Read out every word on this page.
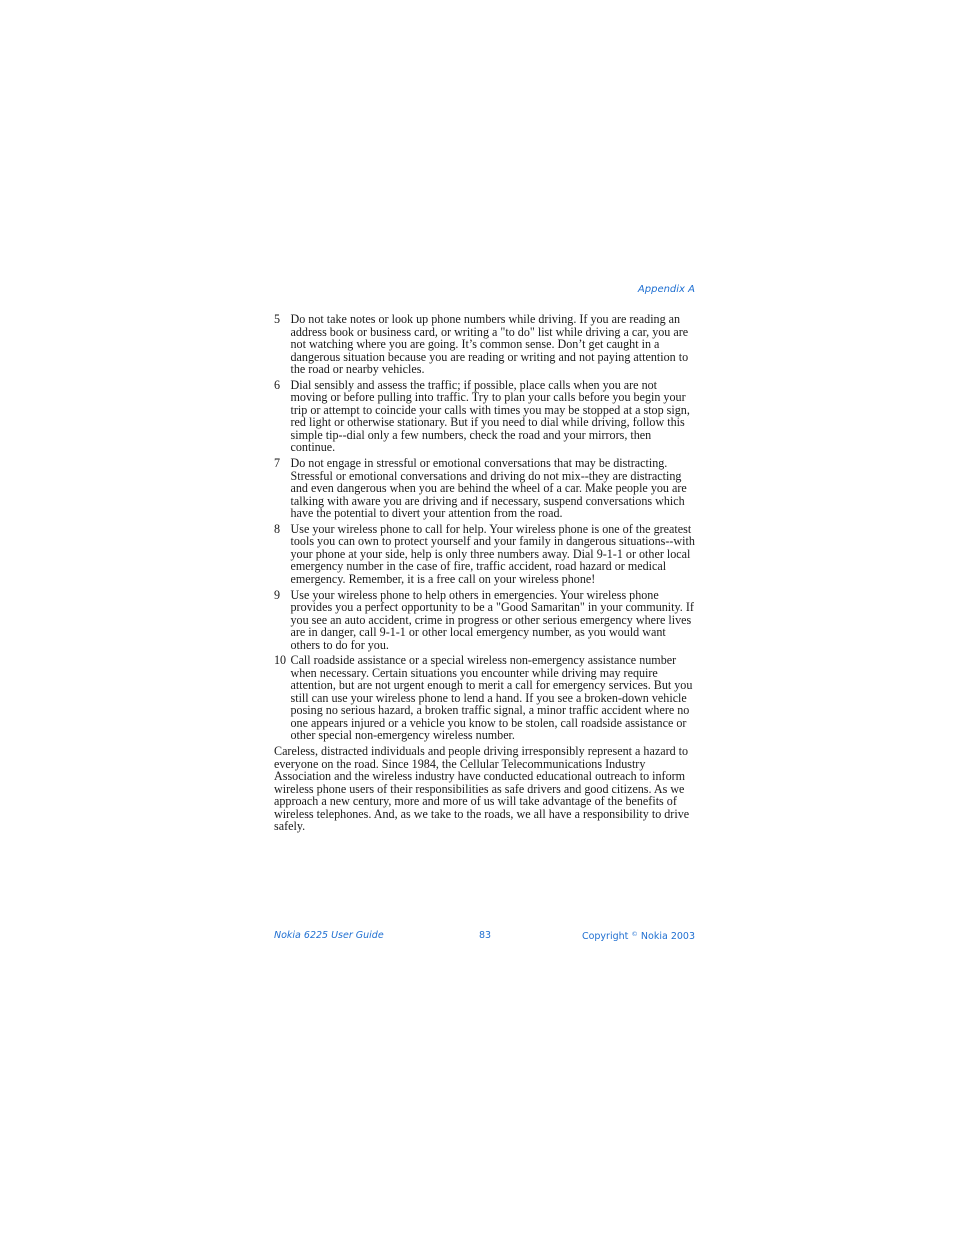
Appendix A
5 Do not take notes or look up phone numbers while driving. If you are reading an address book or business card, or writing a "to do" list while driving a car, you are not watching where you are going. It’s common sense. Don’t get caught in a dangerous situation because you are reading or writing and not paying attention to the road or nearby vehicles.
6 Dial sensibly and assess the traffic; if possible, place calls when you are not moving or before pulling into traffic. Try to plan your calls before you begin your trip or attempt to coincide your calls with times you may be stopped at a stop sign, red light or otherwise stationary. But if you need to dial while driving, follow this simple tip--dial only a few numbers, check the road and your mirrors, then continue.
7 Do not engage in stressful or emotional conversations that may be distracting. Stressful or emotional conversations and driving do not mix--they are distracting and even dangerous when you are behind the wheel of a car. Make people you are talking with aware you are driving and if necessary, suspend conversations which have the potential to divert your attention from the road.
8 Use your wireless phone to call for help. Your wireless phone is one of the greatest tools you can own to protect yourself and your family in dangerous situations--with your phone at your side, help is only three numbers away. Dial 9-1-1 or other local emergency number in the case of fire, traffic accident, road hazard or medical emergency. Remember, it is a free call on your wireless phone!
9 Use your wireless phone to help others in emergencies. Your wireless phone provides you a perfect opportunity to be a "Good Samaritan" in your community. If you see an auto accident, crime in progress or other serious emergency where lives are in danger, call 9-1-1 or other local emergency number, as you would want others to do for you.
10 Call roadside assistance or a special wireless non-emergency assistance number when necessary. Certain situations you encounter while driving may require attention, but are not urgent enough to merit a call for emergency services. But you still can use your wireless phone to lend a hand. If you see a broken-down vehicle posing no serious hazard, a broken traffic signal, a minor traffic accident where no one appears injured or a vehicle you know to be stolen, call roadside assistance or other special non-emergency wireless number.

Careless, distracted individuals and people driving irresponsibly represent a hazard to everyone on the road. Since 1984, the Cellular Telecommunications Industry Association and the wireless industry have conducted educational outreach to inform wireless phone users of their responsibilities as safe drivers and good citizens. As we approach a new century, more and more of us will take advantage of the benefits of wireless telephones. And, as we take to the roads, we all have a responsibility to drive safely.

Nokia 6225 User Guide	83	Copyright © Nokia 2003
